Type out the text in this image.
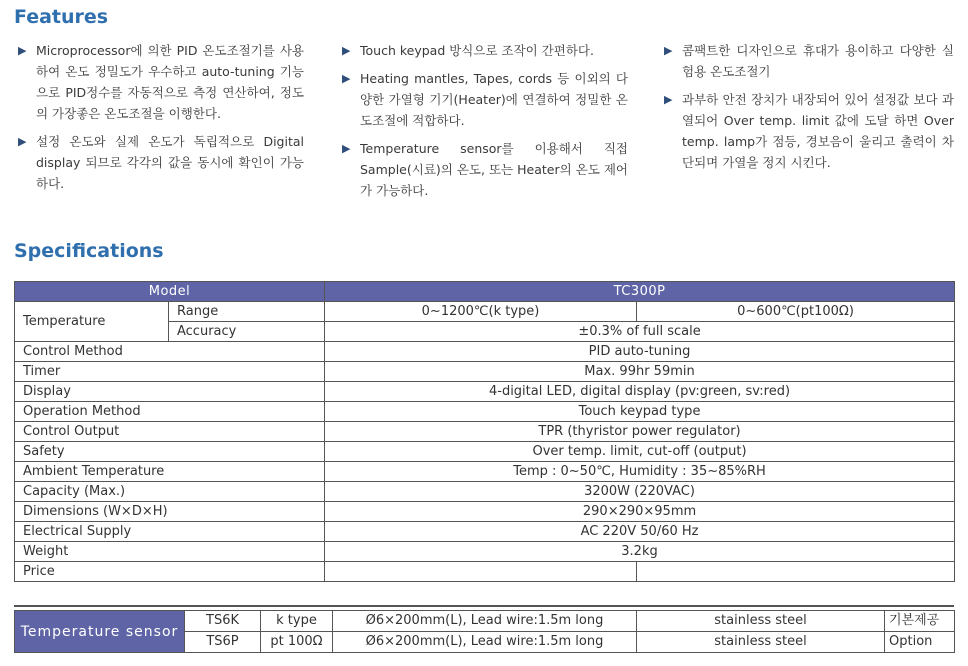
Features
▶ Microprocessor에 의한 PID 온도조절기를 사용하여 온도 정밀도가 우수하고 auto-tuning 기능으로 PID정수를 자동적으로 측정 연산하여, 정도의 가장좋은 온도조절을 이행한다.
▶ 설정 온도와 실제 온도가 독립적으로 Digital display 되므로 각각의 값을 동시에 확인이 가능하다.
▶ Touch keypad 방식으로 조작이 간편하다.
▶ Heating mantles, Tapes, cords 등 이외의 다양한 가열형 기기(Heater)에 연결하여 정밀한 온도조절에 적합하다.
▶ Temperature sensor를 이용해서 직접 Sample(시료)의 온도, 또는 Heater의 온도 제어가 가능하다.
▶ 콤팩트한 디자인으로 휴대가 용이하고 다양한 실험용 온도조절기
▶ 과부하 안전 장치가 내장되어 있어 설정값 보다 과열되어 Over temp. limit 값에 도달 하면 Over temp. lamp가 점등, 경보음이 울리고 출력이 차단되며 가열을 정지 시킨다.
Specifications
Model		TC300P	
Temperature	Range	0~1200℃(k type)	0~600℃(pt100Ω)
	Accuracy	±0.3% of full scale	
Control Method		PID auto-tuning	
Timer		Max. 99hr 59min	
Display		4-digital LED, digital display (pv:green, sv:red)	
Operation Method		Touch keypad type	
Control Output		TPR (thyristor power regulator)	
Safety		Over temp. limit, cut-off (output)	
Ambient Temperature		Temp : 0~50℃, Humidity : 35~85%RH	
Capacity (Max.)		3200W (220VAC)	
Dimensions (W×D×H)		290×290×95mm	
Electrical Supply		AC 220V 50/60 Hz	
Weight		3.2kg	
Price			
Temperature sensor	TS6K	k type	Ø6×200mm(L), Lead wire:1.5m long	stainless steel	기본제공
	TS6P	pt 100Ω	Ø6×200mm(L), Lead wire:1.5m long	stainless steel	Option
